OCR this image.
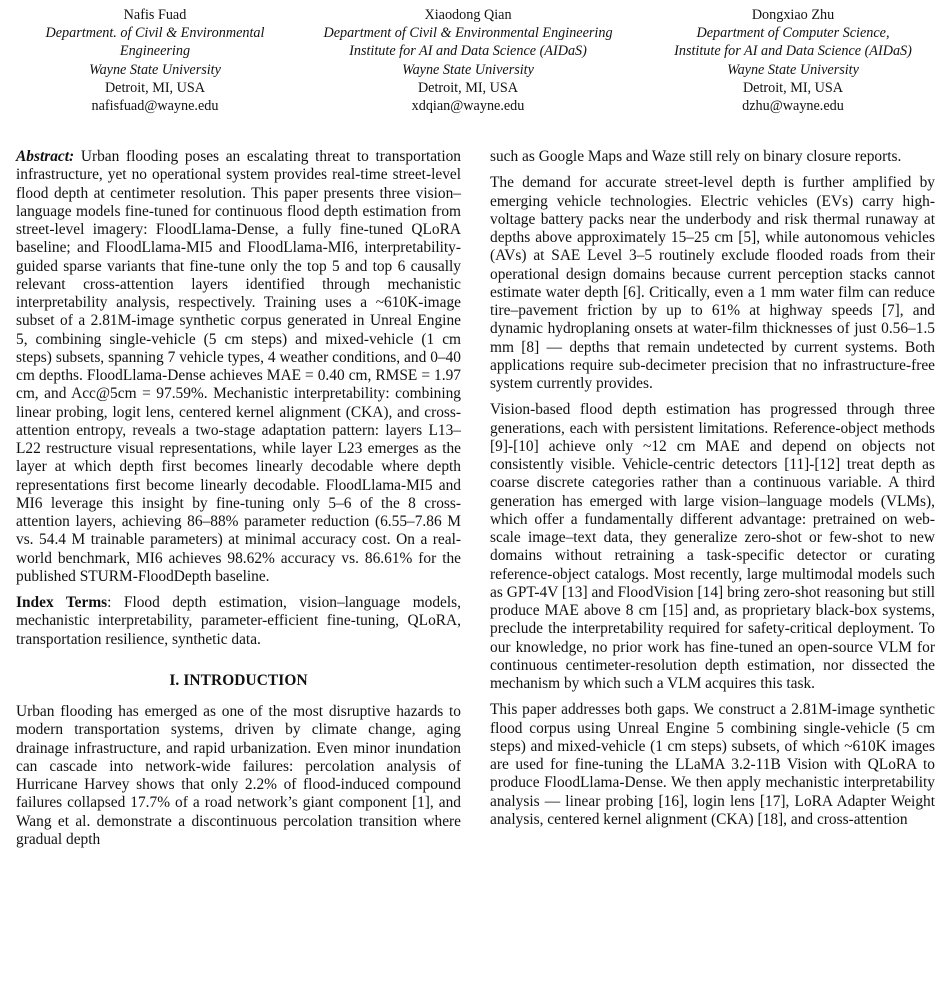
Nafis Fuad
Department. of Civil & Environmental
Engineering
Wayne State University
Detroit, MI, USA
nafisfuad@wayne.edu
Xiaodong Qian
Department of Civil & Environmental Engineering
Institute for AI and Data Science (AIDaS)
Wayne State University
Detroit, MI, USA
xdqian@wayne.edu
Dongxiao Zhu
Department of Computer Science,
Institute for AI and Data Science (AIDaS)
Wayne State University
Detroit, MI, USA
dzhu@wayne.edu

Abstract: Urban flooding poses an escalating threat to transportation infrastructure, yet no operational system provides real-time street-level flood depth at centimeter resolution. This paper presents three vision–language models fine-tuned for continuous flood depth estimation from street-level imagery: FloodLlama-Dense, a fully fine-tuned QLoRA baseline; and FloodLlama-MI5 and FloodLlama-MI6, interpretability-guided sparse variants that fine-tune only the top 5 and top 6 causally relevant cross-attention layers identified through mechanistic interpretability analysis, respectively. Training uses a ~610K-image subset of a 2.81M-image synthetic corpus generated in Unreal Engine 5, combining single-vehicle (5 cm steps) and mixed-vehicle (1 cm steps) subsets, spanning 7 vehicle types, 4 weather conditions, and 0–40 cm depths. FloodLlama-Dense achieves MAE = 0.40 cm, RMSE = 1.97 cm, and Acc@5cm = 97.59%. Mechanistic interpretability: combining linear probing, logit lens, centered kernel alignment (CKA), and cross-attention entropy, reveals a two-stage adaptation pattern: layers L13–L22 restructure visual representations, while layer L23 emerges as the layer at which depth first becomes linearly decodable where depth representations first become linearly decodable. FloodLlama-MI5 and MI6 leverage this insight by fine-tuning only 5–6 of the 8 cross-attention layers, achieving 86–88% parameter reduction (6.55–7.86 M vs. 54.4 M trainable parameters) at minimal accuracy cost. On a real-world benchmark, MI6 achieves 98.62% accuracy vs. 86.61% for the published STURM-FloodDepth baseline.

Index Terms: Flood depth estimation, vision–language models, mechanistic interpretability, parameter-efficient fine-tuning, QLoRA, transportation resilience, synthetic data.

I. INTRODUCTION

Urban flooding has emerged as one of the most disruptive hazards to modern transportation systems, driven by climate change, aging drainage infrastructure, and rapid urbanization. Even minor inundation can cascade into network-wide failures: percolation analysis of Hurricane Harvey shows that only 2.2% of flood-induced compound failures collapsed 17.7% of a road network’s giant component [1], and Wang et al. demonstrate a discontinuous percolation transition where gradual depth

such as Google Maps and Waze still rely on binary closure reports.

The demand for accurate street-level depth is further amplified by emerging vehicle technologies. Electric vehicles (EVs) carry high-voltage battery packs near the underbody and risk thermal runaway at depths above approximately 15–25 cm [5], while autonomous vehicles (AVs) at SAE Level 3–5 routinely exclude flooded roads from their operational design domains because current perception stacks cannot estimate water depth [6]. Critically, even a 1 mm water film can reduce tire–pavement friction by up to 61% at highway speeds [7], and dynamic hydroplaning onsets at water-film thicknesses of just 0.56–1.5 mm [8] — depths that remain undetected by current systems. Both applications require sub-decimeter precision that no infrastructure-free system currently provides.

Vision-based flood depth estimation has progressed through three generations, each with persistent limitations. Reference-object methods [9]-[10] achieve only ~12 cm MAE and depend on objects not consistently visible. Vehicle-centric detectors [11]-[12] treat depth as coarse discrete categories rather than a continuous variable. A third generation has emerged with large vision–language models (VLMs), which offer a fundamentally different advantage: pretrained on web-scale image–text data, they generalize zero-shot or few-shot to new domains without retraining a task-specific detector or curating reference-object catalogs. Most recently, large multimodal models such as GPT-4V [13] and FloodVision [14] bring zero-shot reasoning but still produce MAE above 8 cm [15] and, as proprietary black-box systems, preclude the interpretability required for safety-critical deployment. To our knowledge, no prior work has fine-tuned an open-source VLM for continuous centimeter-resolution depth estimation, nor dissected the mechanism by which such a VLM acquires this task.

This paper addresses both gaps. We construct a 2.81M-image synthetic flood corpus using Unreal Engine 5 combining single-vehicle (5 cm steps) and mixed-vehicle (1 cm steps) subsets, of which ~610K images are used for fine-tuning the LLaMA 3.2-11B Vision with QLoRA to produce FloodLlama-Dense. We then apply mechanistic interpretability analysis — linear probing [16], login lens [17], LoRA Adapter Weight analysis, centered kernel alignment (CKA) [18], and cross-attention
